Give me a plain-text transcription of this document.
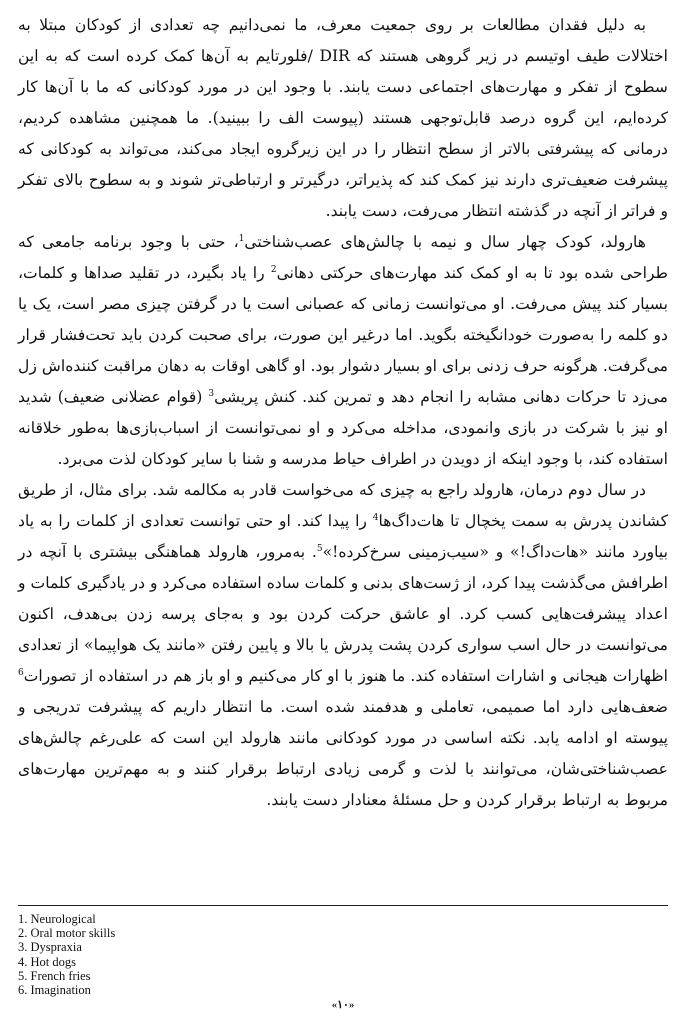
به دلیل فقدان مطالعات بر روی جمعیت معرف، ما نمی‌دانیم چه تعدادی از کودکان مبتلا به اختلالات طیف اوتیسم در زیر گروهی هستند که DIR /فلورتایم به آن‌ها کمک کرده است که به این سطوح از تفکر و مهارت‌های اجتماعی دست یابند. با وجود این در مورد کودکانی که ما با آن‌ها کار کرده‌ایم، این گروه درصد قابل‌توجهی هستند (پیوست الف را ببینید). ما همچنین مشاهده کردیم، درمانی که پیشرفتی بالاتر از سطح انتظار را در این زیرگروه ایجاد می‌کند، می‌تواند به کودکانی که پیشرفت ضعیف‌تری دارند نیز کمک کند که پذیراتر، درگیرتر و ارتباطی‌تر شوند و به سطوح بالای تفکر و فراتر از آنچه در گذشته انتظار می‌رفت، دست یابند.

هارولد، کودک چهار سال و نیمه با چالش‌های عصب‌شناختی$^1$، حتی با وجود برنامه جامعی که طراحی شده بود تا به او کمک کند مهارت‌های حرکتی دهانی$^2$ را یاد بگیرد، در تقلید صداها و کلمات، بسیار کند پیش می‌رفت. او می‌توانست زمانی که عصبانی است یا در گرفتن چیزی مصر است، یک یا دو کلمه را به‌صورت خودانگیخته بگوید. اما درغیر این صورت، برای صحبت کردن باید تحت‌فشار قرار می‌گرفت. هرگونه حرف زدنی برای او بسیار دشوار بود. او گاهی اوقات به دهان مراقبت کننده‌اش زل می‌زد تا حرکات دهانی مشابه را انجام دهد و تمرین کند. کنش پریشی$^3$ (قوام عضلانی ضعیف) شدید او نیز با شرکت در بازی وانمودی، مداخله می‌کرد و او نمی‌توانست از اسباب‌بازی‌ها به‌طور خلاقانه استفاده کند، با وجود اینکه از دویدن در اطراف حیاط مدرسه و شنا با سایر کودکان لذت می‌برد.

در سال دوم درمان، هارولد راجع به چیزی که می‌خواست قادر به مکالمه شد. برای مثال، از طریق کشاندن پدرش به سمت یخچال تا هات‌داگ‌ها$^4$ را پیدا کند. او حتی توانست تعدادی از کلمات را به یاد بیاورد مانند «هات‌داگ!» و «سیب‌زمینی سرخ‌کرده!»$^5$. به‌مرور، هارولد هماهنگی بیشتری با آنچه در اطرافش می‌گذشت پیدا کرد، از ژست‌های بدنی و کلمات ساده استفاده می‌کرد و در یادگیری کلمات و اعداد پیشرفت‌هایی کسب کرد. او عاشق حرکت کردن بود و به‌جای پرسه زدن بی‌هدف، اکنون می‌توانست در حال اسب سواری کردن پشت پدرش یا بالا و پایین رفتن «مانند یک هواپیما» از تعدادی اظهارات هیجانی و اشارات استفاده کند. ما هنوز با او کار می‌کنیم و او باز هم در استفاده از تصورات$^6$ ضعف‌هایی دارد اما صمیمی، تعاملی و هدفمند شده است. ما انتظار داریم که پیشرفت تدریجی و پیوسته او ادامه یابد. نکته اساسی در مورد کودکانی مانند هارولد این است که علی‌رغم چالش‌های عصب‌شناختی‌شان، می‌توانند با لذت و گرمی زیادی ارتباط برقرار کنند و به مهم‌ترین مهارت‌های مربوط به ارتباط برقرار کردن و حل مسئلۀ معنادار دست یابند.

1. Neurological
2. Oral motor skills
3. Dyspraxia
4. Hot dogs
5. French fries
6. Imagination
«۱۰»
